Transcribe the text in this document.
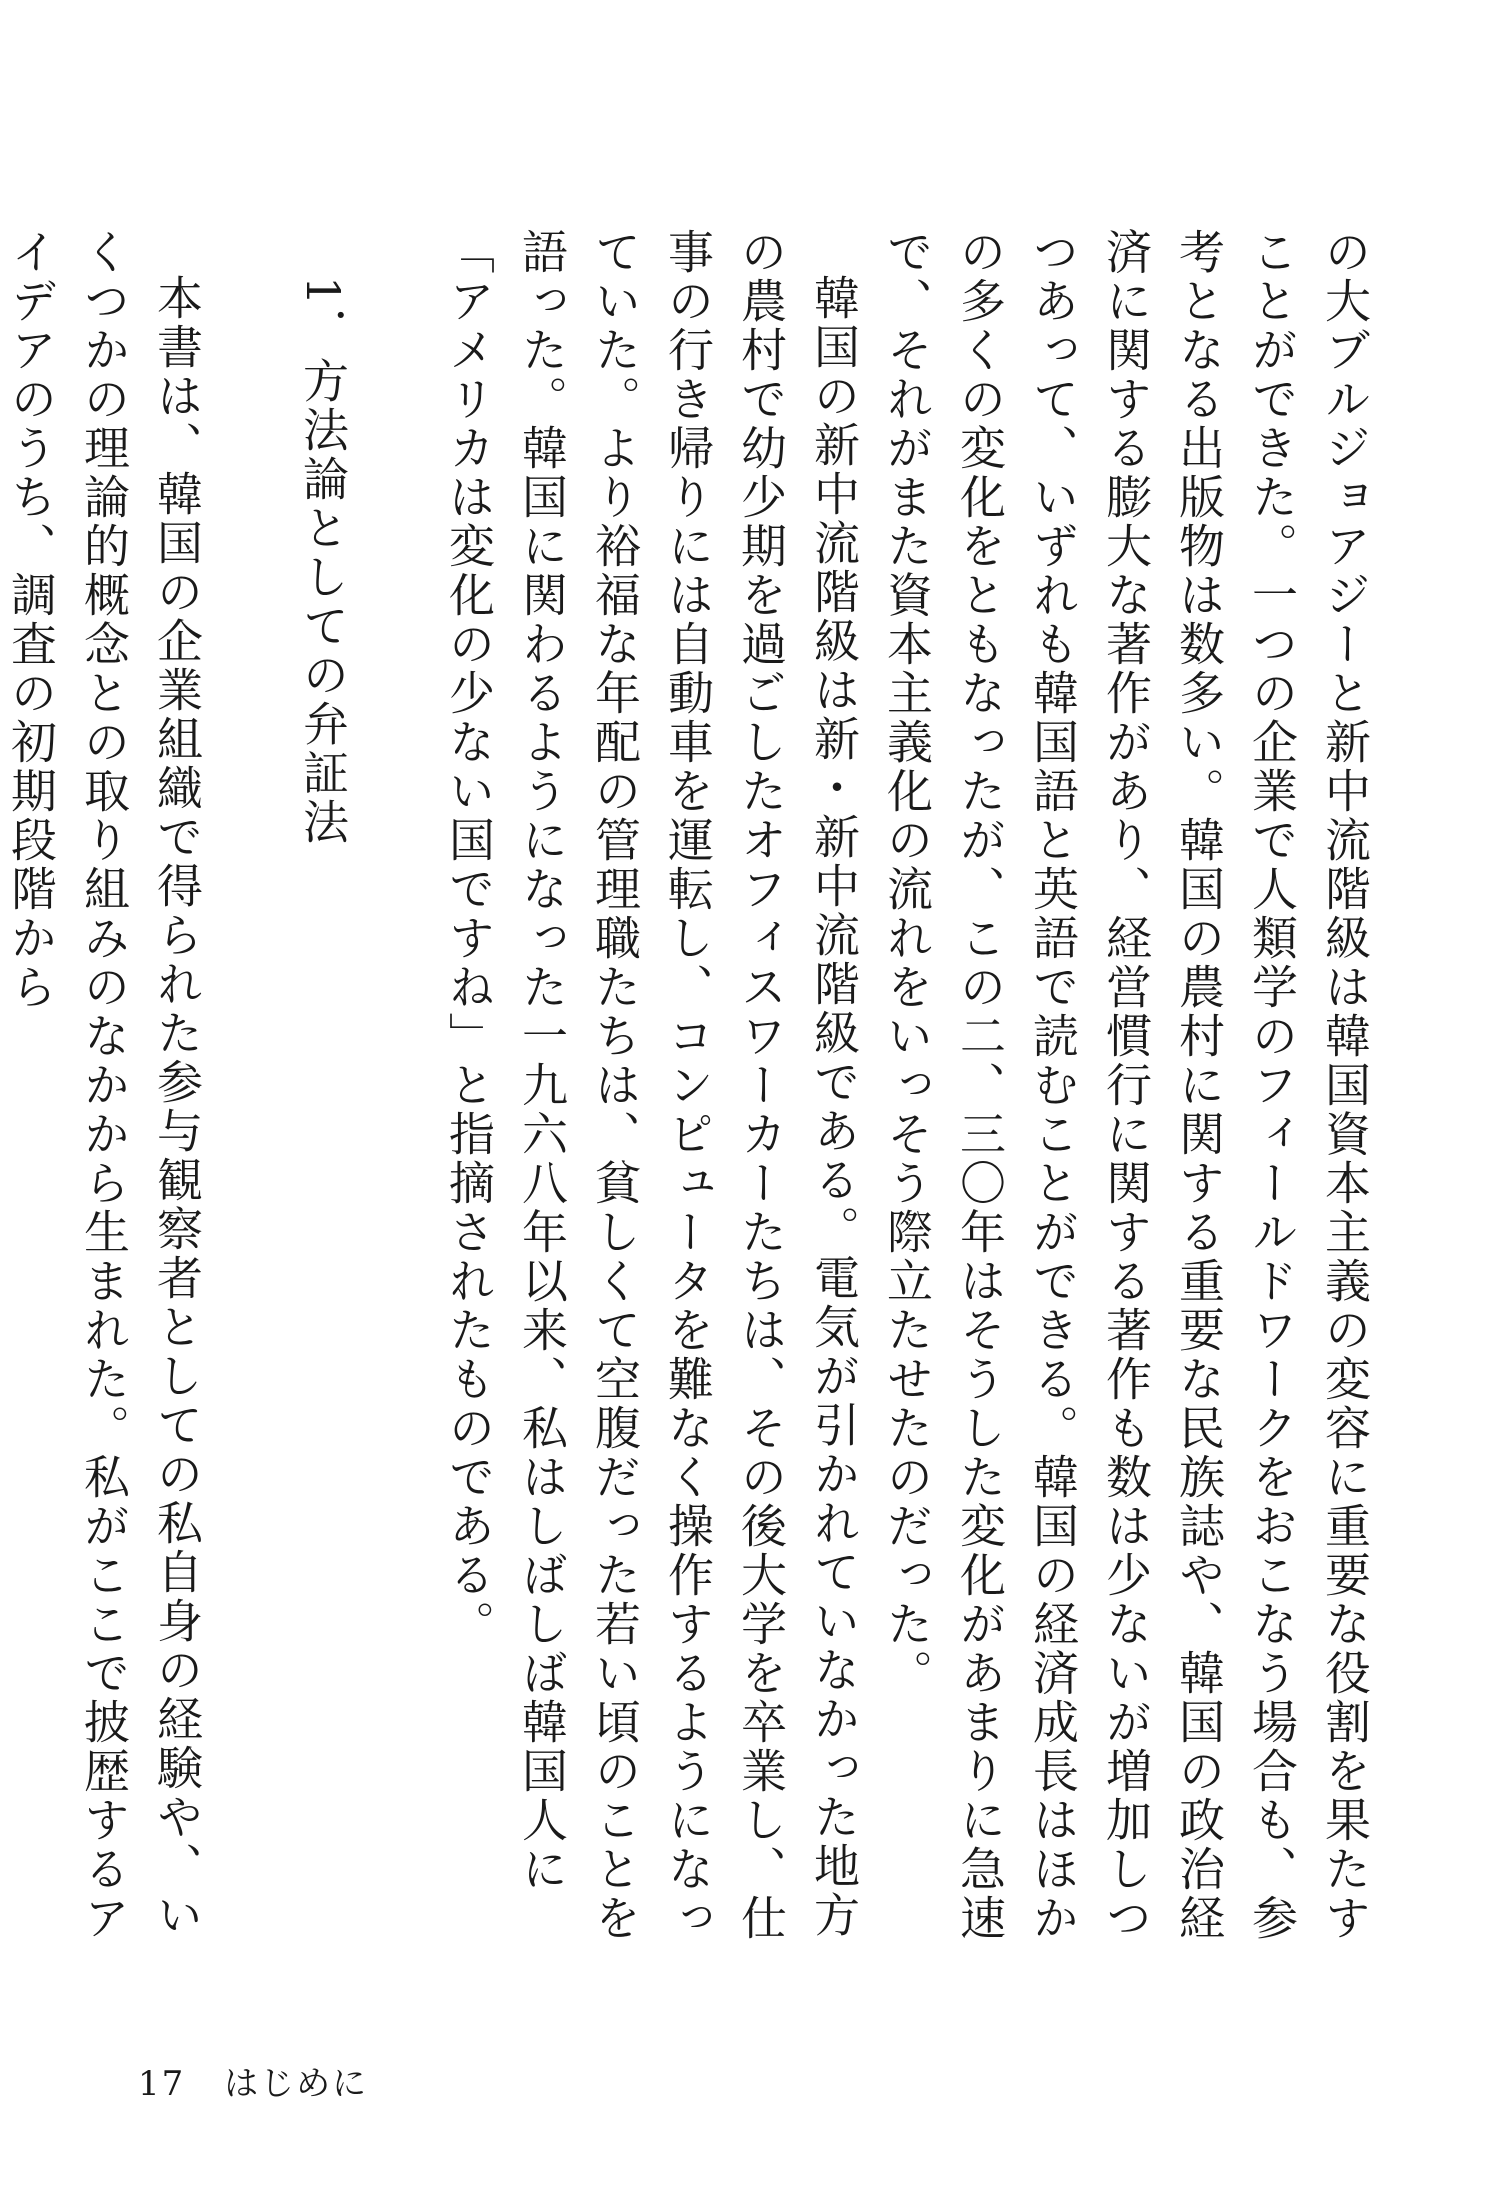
の大ブルジョアジーと新中流階級は韓国資本主義の変容に重要な役割を果たすことができた。一つの企業で人類学のフィールドワークをおこなう場合も、参考となる出版物は数多い。韓国の農村に関する重要な民族誌や、韓国の政治経済に関する膨大な著作があり、経営慣行に関する著作も数は少ないが増加しつつあって、いずれも韓国語と英語で読むことができる。韓国の経済成長はほかの多くの変化をともなったが、この二、三〇年はそうした変化があまりに急速で、それがまた資本主義化の流れをいっそう際立たせたのだった。

韓国の新中流階級は新・新中流階級である。電気が引かれていなかった地方の農村で幼少期を過ごしたオフィスワーカーたちは、その後大学を卒業し、仕事の行き帰りには自動車を運転し、コンピュータを難なく操作するようになっていた。より裕福な年配の管理職たちは、貧しくて空腹だった若い頃のことを語った。韓国に関わるようになった一九六八年以来、私はしばしば韓国人に「アメリカは変化の少ない国ですね」と指摘されたものである。

1．方法論としての弁証法

本書は、韓国の企業組織で得られた参与観察者としての私自身の経験や、いくつかの理論的概念との取り組みのなかから生まれた。私がここで披歴するアイデアのうち、調査の初期段階から

17 はじめに
